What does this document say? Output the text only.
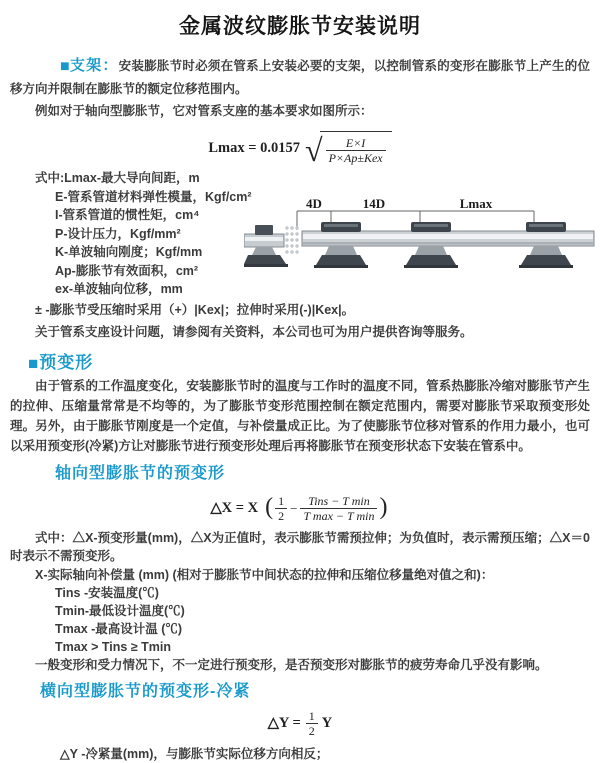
金属波纹膨胀节安装说明

■支架：安装膨胀节时必须在管系上安装必要的支架，以控制管系的变形在膨胀节上产生的位移方向并限制在膨胀节的额定位移范围内。

例如对于轴向型膨胀节，它对管系支座的基本要求如图所示：

Lmax = 0.0157 √ $\frac{E\times I}{\text{P×Ap±Kex}}$
式中:Lmax-最大导向间距，m
E-管系管道材料弹性模量，Kgf/cm²
I-管系管道的惯性矩，cm⁴
P-设计压力，Kgf/mm²
K-单波轴向刚度；Kgf/mm
Ap-膨胀节有效面积，cm²
ex-单波轴向位移，mm
± -膨胀节受压缩时采用（+）|Kex|；拉伸时采用(-)|Kex|。
关于管系支座设计问题，请参阅有关资料，本公司也可为用户提供咨询等服务。
4D	14D	Lmax
■预变形

由于管系的工作温度变化，安装膨胀节时的温度与工作时的温度不同，管系热膨胀冷缩对膨胀节产生的拉伸、压缩量常常是不均等的，为了膨胀节变形范围控制在额定范围内，需要对膨胀节采取预变形处理。另外，由于膨胀节刚度是一个定值，与补偿量成正比。为了使膨胀节位移对管系的作用力最小，也可以采用预变形(冷紧)方让对膨胀节进行预变形处理后再将膨胀节在预变形状态下安装在管系中。

轴向型膨胀节的预变形
△X = X ( $\frac{1}{2} - \frac{\text{Tins − T min}}{\text{T max − T min}}$ )

式中：△X-预变形量(mm)，△X为正值时，表示膨胀节需预拉伸；为负值时，表示需预压缩；△X＝0时表示不需预变形。

X-实际轴向补偿量 (mm) (相对于膨胀节中间状态的拉伸和压缩位移量绝对值之和)：
Tins -安装温度(℃)
Tmin-最低设计温度(℃)
Tmax -最高设计温 (℃)
Tmax > Tins ≥ Tmin

一般变形和受力情况下，不一定进行预变形，是否预变形对膨胀节的疲劳寿命几乎没有影响。

横向型膨胀节的预变形-冷紧
△Y = $\frac{1}{2}$ Y

△Y -冷紧量(mm)，与膨胀节实际位移方向相反；
